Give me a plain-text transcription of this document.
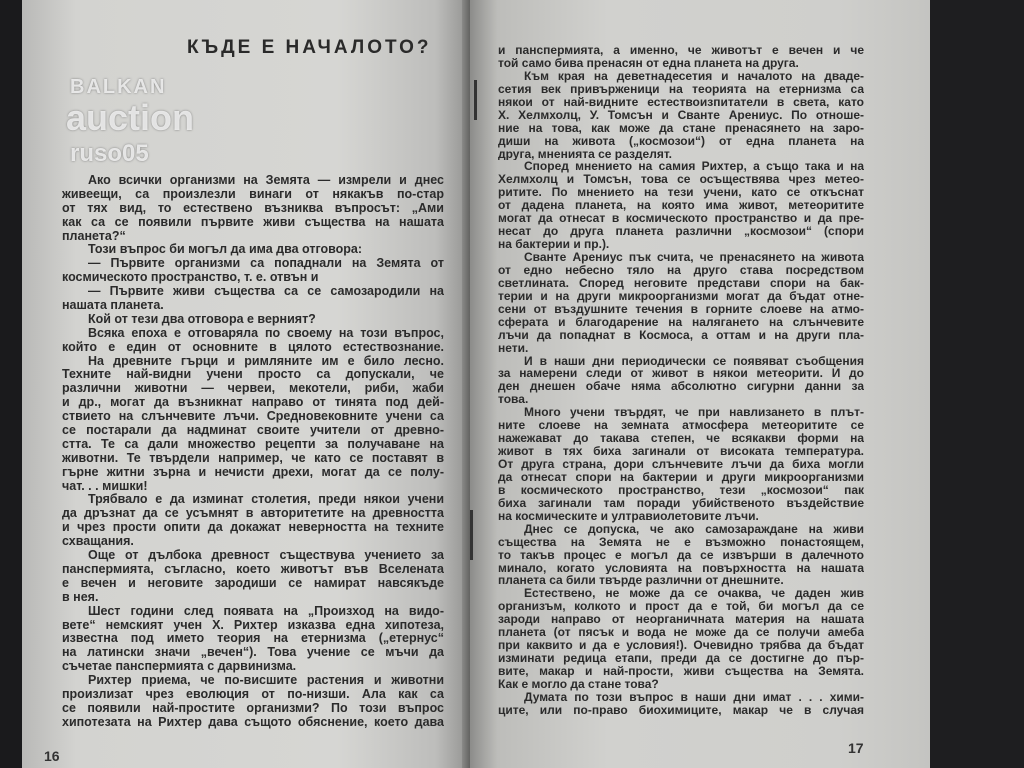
КЪДЕ Е НАЧАЛОТО?
Ако всички организми на Земята — измрели и днес
живеещи, са произлезли винаги от някакъв по-стар
от тях вид, то естествено възниква въпросът: „Ами
как са се появили първите живи същества на нашата
планета?“
Този въпрос би могъл да има два отговора:
— Първите организми са попаднали на Земята от
космическото пространство, т. е. отвън и
— Първите живи същества са се самозародили на
нашата планета.
Кой от тези два отговора е верният?
Всяка епоха е отговаряла по своему на този въпрос,
който е един от основните в цялото естествознание.
На древните гърци и римляните им е било лесно.
Техните най-видни учени просто са допускали, че
различни животни — червеи, мекотели, риби, жаби
и др., могат да възникнат направо от тинята под дей-
ствието на слънчевите лъчи. Средновековните учени са
се постарали да надминат своите учители от древно-
стта. Те са дали множество рецепти за получаване на
животни. Те твърдели например, че като се поставят в
гърне житни зърна и нечисти дрехи, могат да се полу-
чат. . . мишки!
Трябвало е да изминат столетия, преди някои учени
да дръзнат да се усъмнят в авторитетите на древността
и чрез прости опити да докажат неверността на техните
схващания.
Още от дълбока древност съществува учението за
панспермията, съгласно, което животът във Вселената
е вечен и неговите зародиши се намират навсякъде
в нея.
Шест години след появата на „Произход на видо-
вете“ немският учен Х. Рихтер изказва една хипотеза,
известна под името теория на етернизма („етернус“
на латински значи „вечен“). Това учение се мъчи да
съчетае панспермията с дарвинизма.
Рихтер приема, че по-висшите растения и животни
произлизат чрез еволюция от по-низши. Ала как са
се появили най-простите организми? По този въпрос
хипотезата на Рихтер дава същото обяснение, което дава
16
и панспермията, а именно, че животът е вечен и че
той само бива пренасян от една планета на друга.
Към края на деветнадесетия и началото на дваде-
сетия век привърженици на теорията на етернизма са
някои от най-видните естествоизпитатели в света, като
Х. Хелмхолц, У. Томсън и Сванте Арениус. По отноше-
ние на това, как може да стане пренасянето на заро-
диши на живота („космозои“) от една планета на
друга, мненията се разделят.
Според мнението на самия Рихтер, а също така и на
Хелмхолц и Томсън, това се осъществява чрез метео-
ритите. По мнението на тези учени, като се откъснат
от дадена планета, на която има живот, метеоритите
могат да отнесат в космическото пространство и да пре-
несат до друга планета различни „космозои“ (спори
на бактерии и пр.).
Сванте Арениус пък счита, че пренасянето на живота
от едно небесно тяло на друго става посредством
светлината. Според неговите представи спори на бак-
терии и на други микроорганизми могат да бъдат отне-
сени от въздушните течения в горните слоеве на атмо-
сферата и благодарение на налягането на слънчевите
лъчи да попаднат в Космоса, а оттам и на други пла-
нети.
И в наши дни периодически се появяват съобщения
за намерени следи от живот в някои метеорити. И до
ден днешен обаче няма абсолютно сигурни данни за
това.
Много учени твърдят, че при навлизането в плът-
ните слоеве на земната атмосфера метеоритите се
нажежават до такава степен, че всякакви форми на
живот в тях биха загинали от високата температура.
От друга страна, дори слънчевите лъчи да биха могли
да отнесат спори на бактерии и други микроорганизми
в космическото пространство, тези „космозои“ пак
биха загинали там поради убийственото въздействие
на космическите и ултравиолетовите лъчи.
Днес се допуска, че ако самозараждане на живи
същества на Земята не е възможно понастоящем,
то такъв процес е могъл да се извърши в далечното
минало, когато условията на повърхността на нашата
планета са били твърде различни от днешните.
Естествено, не може да се очаква, че даден жив
организъм, колкото и прост да е той, би могъл да се
зароди направо от неорганичната материя на нашата
планета (от пясък и вода не може да се получи амеба
при каквито и да е условия!). Очевидно трябва да бъдат
изминати редица етапи, преди да се достигне до пър-
вите, макар и най-прости, живи същества на Земята.
Как е могло да стане това?
Думата по този въпрос в наши дни имат . . . хими-
ците, или по-право биохимиците, макар че в случая
17
BALKAN
auction
ruso05
